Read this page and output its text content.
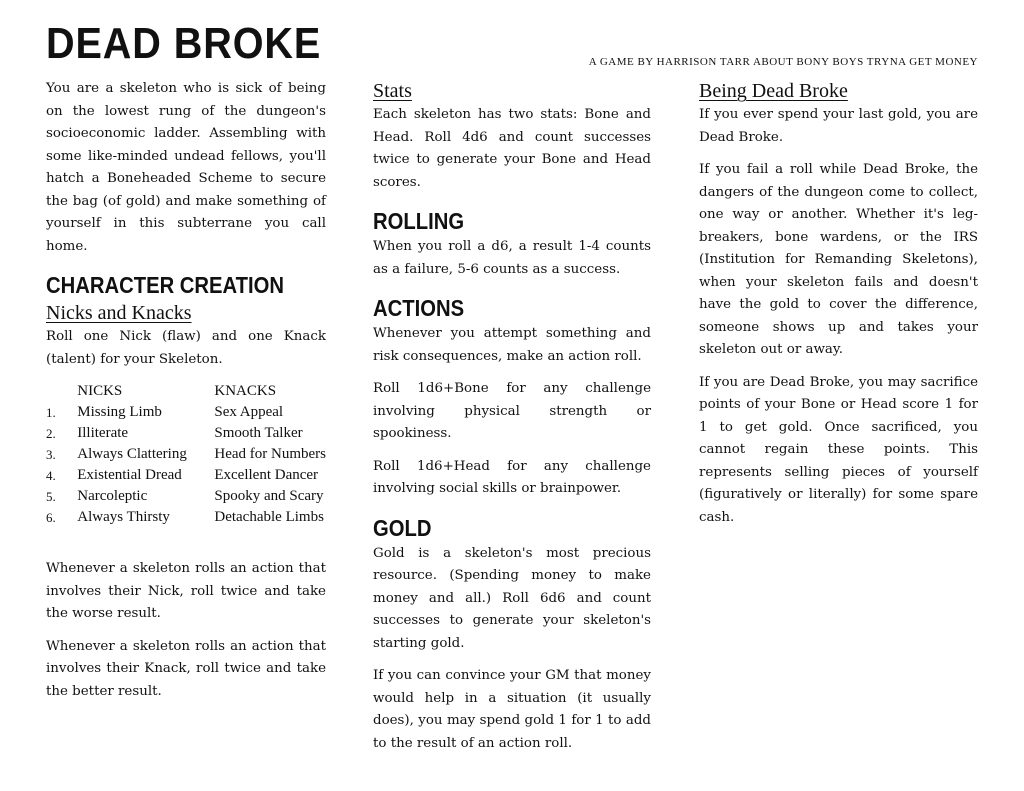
DEAD BROKE	A GAME BY HARRISON TARR ABOUT BONY BOYS TRYNA GET MONEY

You are a skeleton who is sick of being on the lowest rung of the dungeon's socioeconomic ladder. Assembling with some like-minded undead fellows, you'll hatch a Boneheaded Scheme to secure the bag (of gold) and make something of yourself in this subterrane you call home.

CHARACTER CREATION
Nicks and Knacks

Roll one Nick (flaw) and one Knack (talent) for your Skeleton.

	NICKS	KNACKS
1.	Missing Limb	Sex Appeal
2.	Illiterate	Smooth Talker
3.	Always Clattering	Head for Numbers
4.	Existential Dread	Excellent Dancer
5.	Narcoleptic	Spooky and Scary
6.	Always Thirsty	Detachable Limbs

Whenever a skeleton rolls an action that involves their Nick, roll twice and take the worse result.

Whenever a skeleton rolls an action that involves their Knack, roll twice and take the better result.

Stats

Each skeleton has two stats: Bone and Head. Roll 4d6 and count successes twice to generate your Bone and Head scores.

ROLLING

When you roll a d6, a result 1-4 counts as a failure, 5-6 counts as a success.

ACTIONS

Whenever you attempt something and risk consequences, make an action roll.

Roll 1d6+Bone for any challenge involving physical strength or spookiness.

Roll 1d6+Head for any challenge involving social skills or brainpower.

GOLD

Gold is a skeleton's most precious resource. (Spending money to make money and all.) Roll 6d6 and count successes to generate your skeleton's starting gold.

If you can convince your GM that money would help in a situation (it usually does), you may spend gold 1 for 1 to add to the result of an action roll.

Being Dead Broke

If you ever spend your last gold, you are Dead Broke.

If you fail a roll while Dead Broke, the dangers of the dungeon come to collect, one way or another. Whether it's leg-breakers, bone wardens, or the IRS (Institution for Remanding Skeletons), when your skeleton fails and doesn't have the gold to cover the difference, someone shows up and takes your skeleton out or away.

If you are Dead Broke, you may sacrifice points of your Bone or Head score 1 for 1 to get gold. Once sacrificed, you cannot regain these points. This represents selling pieces of yourself (figuratively or literally) for some spare cash.
